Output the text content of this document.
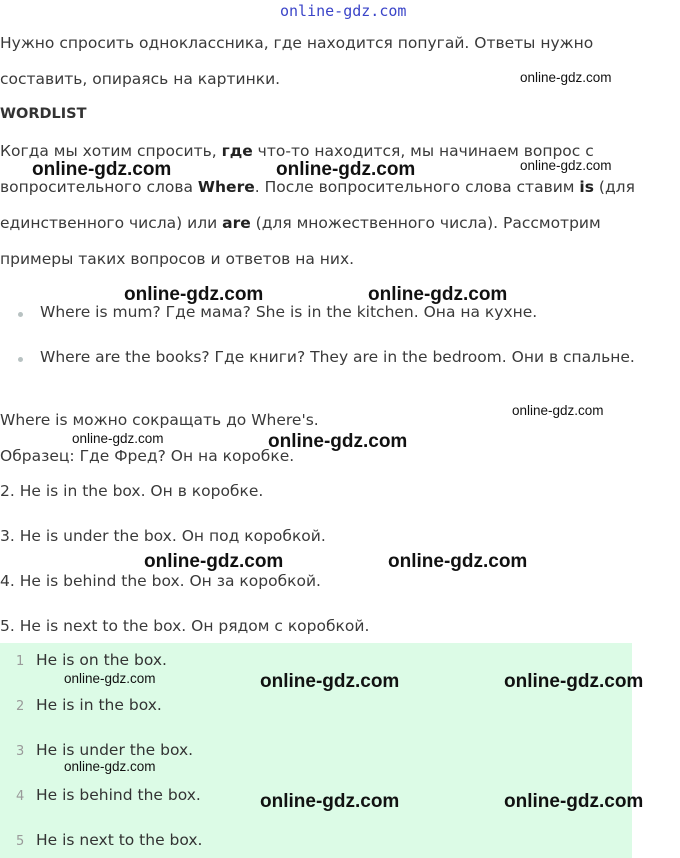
online-gdz.com
Нужно спросить одноклассника, где находится попугай. Ответы нужно
составить, опираясь на картинки.
WORDLIST
Когда мы хотим спросить, где что-то находится, мы начинаем вопрос с
вопросительного слова Where. После вопросительного слова ставим is (для
единственного числа) или are (для множественного числа). Рассмотрим
примеры таких вопросов и ответов на них.
Where is mum? Где мама? She is in the kitchen. Она на кухне.
Where are the books? Где книги? They are in the bedroom. Они в спальне.
Where is можно сокращать до Where's.
Образец: Где Фред? Он на коробке.
2. He is in the box. Он в коробке.
3. He is under the box. Он под коробкой.
4. He is behind the box. Он за коробкой.
5. He is next to the box. Он рядом с коробкой.
1 He is on the box.
2 He is in the box.
3 He is under the box.
4 He is behind the box.
5 He is next to the box.
online-gdz.com
online-gdz.com	online-gdz.com	online-gdz.com
online-gdz.com	online-gdz.com
online-gdz.com
online-gdz.com	online-gdz.com
online-gdz.com	online-gdz.com
online-gdz.com	online-gdz.com	online-gdz.com
online-gdz.com
online-gdz.com	online-gdz.com
